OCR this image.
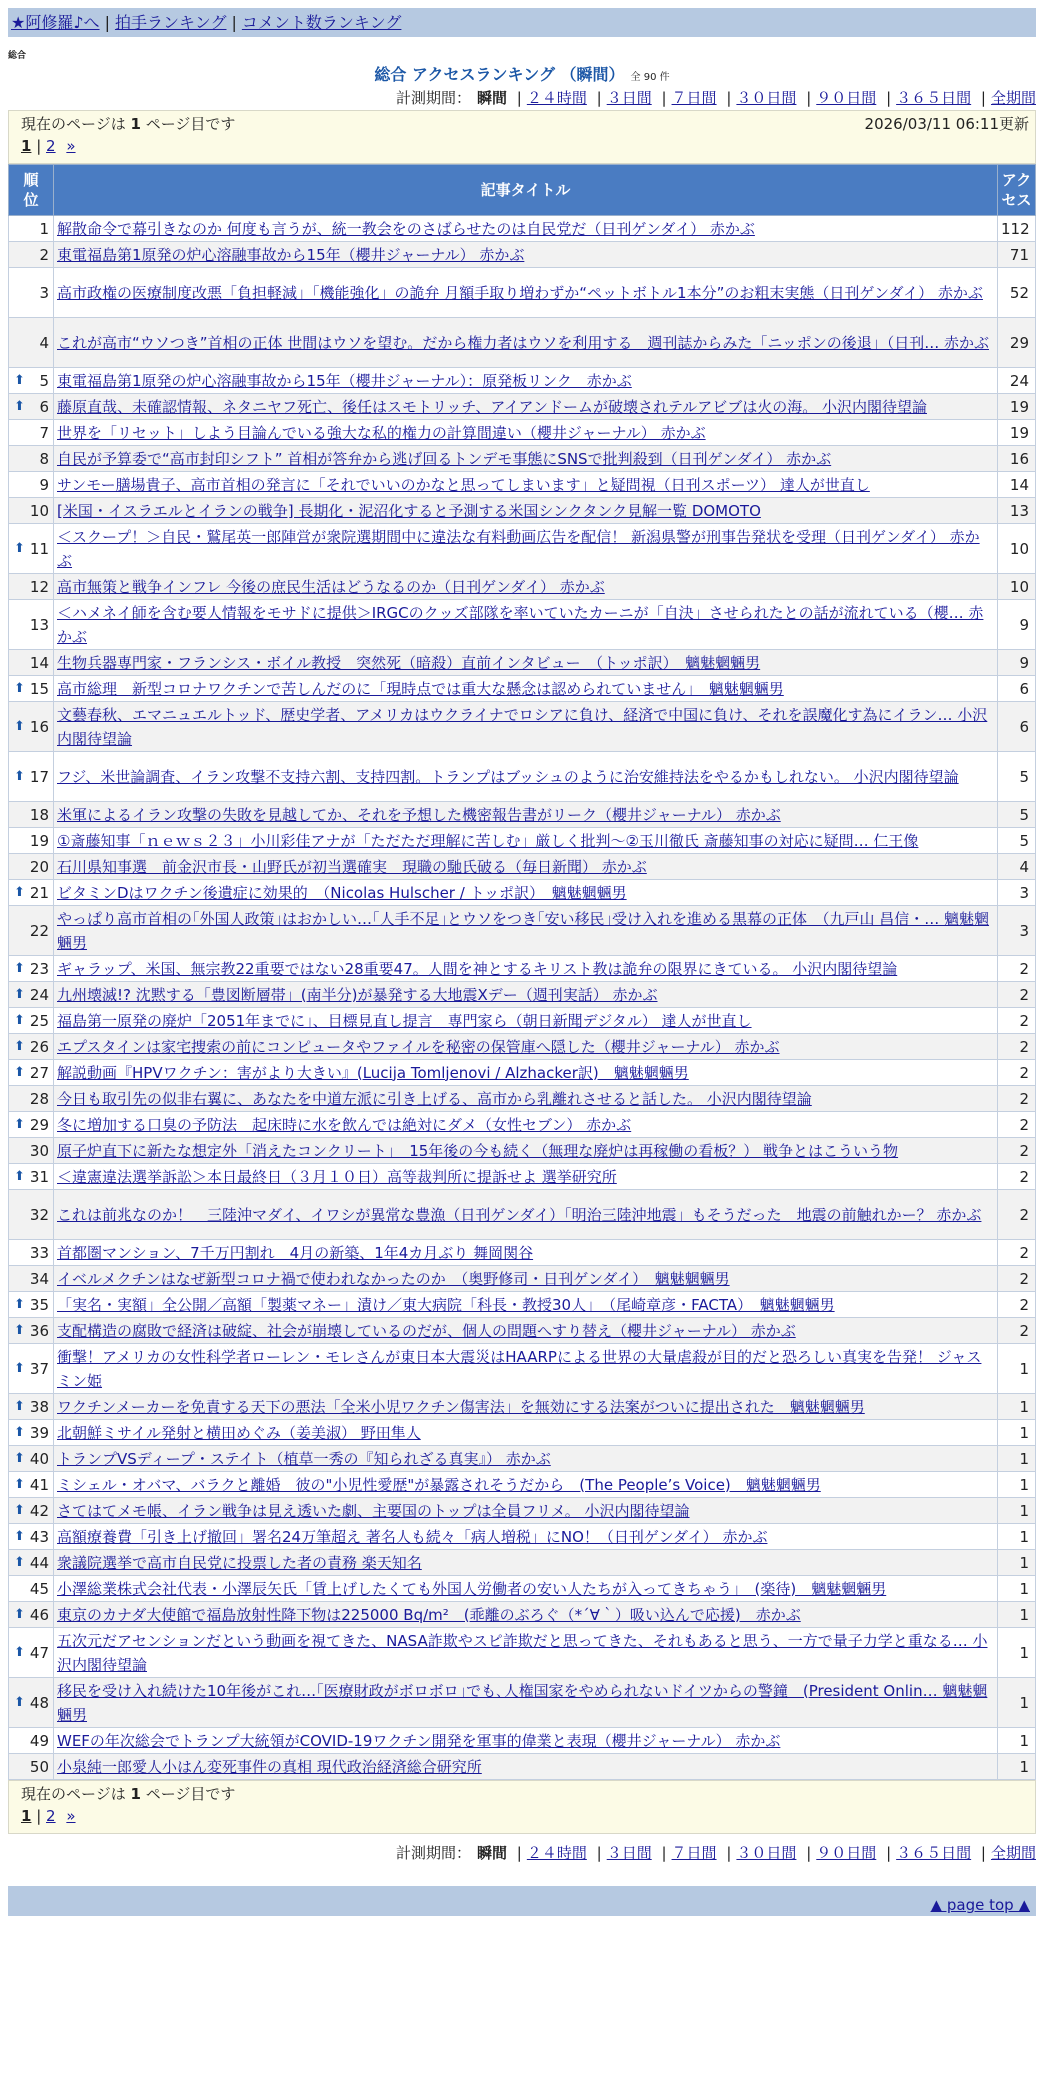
★阿修羅♪へ | 拍手ランキング | コメント数ランキング
総合
総合 アクセスランキング （瞬間） 全 90 件
計測期間： 瞬間 | ２４時間 | ３日間 | ７日間 | ３０日間 | ９０日間 | ３６５日間 | 全期間
現在のページは 1 ページ目です	2026/03/11 06:11更新
1 | 2 »
順
位	記事タイトル	アク
セス
1	解散命令で幕引きなのか 何度も言うが、統一教会をのさばらせたのは自民党だ（日刊ゲンダイ） 赤かぶ	112
2	東電福島第1原発の炉心溶融事故から15年（櫻井ジャーナル） 赤かぶ	71
3	高市政権の医療制度改悪「負担軽減」「機能強化」の詭弁 月額手取り増わずか“ペットボトル1本分”のお粗末実態（日刊ゲンダイ） 赤かぶ	52
4	これが高市“ウソつき”首相の正体 世間はウソを望む。だから権力者はウソを利用する　週刊誌からみた「ニッポンの後退」（日刊… 赤かぶ	29

⬆ 5	東電福島第1原発の炉心溶融事故から15年（櫻井ジャーナル）：原発板リンク　赤かぶ	24

⬆ 6	藤原直哉、未確認情報、ネタニヤフ死亡、後任はスモトリッチ、アイアンドームが破壊されテルアビブは火の海。 小沢内閣待望論	19
7	世界を「リセット」しよう目論んでいる強大な私的権力の計算間違い（櫻井ジャーナル） 赤かぶ	19
8	自民が予算委で“高市封印シフト” 首相が答弁から逃げ回るトンデモ事態にSNSで批判殺到（日刊ゲンダイ） 赤かぶ	16
9	サンモー膳場貴子、高市首相の発言に「それでいいのかなと思ってしまいます」と疑問視（日刊スポーツ） 達人が世直し	14
10	[米国・イスラエルとイランの戦争] 長期化・泥沼化すると予測する米国シンクタンク見解一覧 DOMOTO	13

⬆ 11	＜スクープ！＞自民・鷲尾英一郎陣営が衆院選期間中に違法な有料動画広告を配信！ 新潟県警が刑事告発状を受理（日刊ゲンダイ） 赤かぶ	10
12	高市無策と戦争インフレ 今後の庶民生活はどうなるのか（日刊ゲンダイ） 赤かぶ	10
13	＜ハメネイ師を含む要人情報をモサドに提供＞IRGCのクッズ部隊を率いていたカーニが「自決」させられたとの話が流れている（櫻… 赤かぶ	9
14	生物兵器専門家・フランシス・ボイル教授　突然死（暗殺）直前インタビュー　（トッポ訳）　魑魅魍魎男	9

⬆ 15	高市総理　新型コロナワクチンで苦しんだのに「現時点では重大な懸念は認められていません」　魑魅魍魎男	6

⬆ 16	文藝春秋、エマニュエルトッド、歴史学者、アメリカはウクライナでロシアに負け、経済で中国に負け、それを誤魔化す為にイラン… 小沢内閣待望論	6

⬆ 17	フジ、米世論調査、イラン攻撃不支持六割、支持四割。トランプはブッシュのように治安維持法をやるかもしれない。 小沢内閣待望論	5
18	米軍によるイラン攻撃の失敗を見越してか、それを予想した機密報告書がリーク（櫻井ジャーナル） 赤かぶ	5
19	①斎藤知事「ｎｅｗｓ２３」小川彩佳アナが「ただただ理解に苦しむ」厳しく批判～②玉川徹氏 斎藤知事の対応に疑問… 仁王像	5
20	石川県知事選　前金沢市長・山野氏が初当選確実　現職の馳氏破る（毎日新聞） 赤かぶ	4

⬆ 21	ビタミンDはワクチン後遺症に効果的　（Nicolas Hulscher / トッポ訳）　魑魅魍魎男	3
22	やっぱり高市首相の｢外国人政策｣はおかしい…｢人手不足｣とウソをつき｢安い移民｣受け入れを進める黒幕の正体　（九戸山 昌信・… 魑魅魍魎男	3

⬆ 23	ギャラップ、米国、無宗教22重要ではない28重要47。人間を神とするキリスト教は詭弁の限界にきている。 小沢内閣待望論	2

⬆ 24	九州壊滅!? 沈黙する「豊図断層帯」(南半分)が暴発する大地震Xデー（週刊実話） 赤かぶ	2

⬆ 25	福島第一原発の廃炉「2051年までに」、目標見直し提言　専門家ら（朝日新聞デジタル） 達人が世直し	2

⬆ 26	エプスタインは家宅捜索の前にコンピュータやファイルを秘密の保管庫へ隠した（櫻井ジャーナル） 赤かぶ	2

⬆ 27	解説動画『HPVワクチン：害がより大きい』(Lucija Tomljenovi / Alzhacker訳)　魑魅魍魎男	2
28	今日も取引先の似非右翼に、あなたを中道左派に引き上げる、高市から乳離れさせると話した。 小沢内閣待望論	2

⬆ 29	冬に増加する口臭の予防法　起床時に水を飲んでは絶対にダメ（女性セブン） 赤かぶ	2
30	原子炉直下に新たな想定外「消えたコンクリート」　15年後の今も続く（無理な廃炉は再稼働の看板？） 戦争とはこういう物	2

⬆ 31	＜違憲違法選挙訴訟＞本日最終日（３月１０日）高等裁判所に提訴せよ 選挙研究所	2
32	これは前兆なのか！　三陸沖マダイ、イワシが異常な豊漁（日刊ゲンダイ）「明治三陸沖地震」もそうだった　地震の前触れかー？ 赤かぶ	2
33	首都圏マンション、7千万円割れ　4月の新築、1年4カ月ぶり 舞岡関谷	2
34	イベルメクチンはなぜ新型コロナ禍で使われなかったのか　（奥野修司・日刊ゲンダイ）　魑魅魍魎男	2

⬆ 35	「実名・実額」全公開／高額「製薬マネー」漬け／東大病院「科長・教授30人」　（尾崎章彦・FACTA）　魑魅魍魎男	2

⬆ 36	支配構造の腐敗で経済は破綻、社会が崩壊しているのだが、個人の問題へすり替え（櫻井ジャーナル） 赤かぶ	2

⬆ 37	衝撃！アメリカの女性科学者ローレン・モレさんが東日本大震災はHAARPによる世界の大量虐殺が目的だと恐ろしい真実を告発！ ジャスミン姫	1

⬆ 38	ワクチンメーカーを免責する天下の悪法「全米小児ワクチン傷害法」を無効にする法案がついに提出された　魑魅魍魎男	1

⬆ 39	北朝鮮ミサイル発射と横田めぐみ（姜美淑） 野田隼人	1

⬆ 40	トランプVSディープ・ステイト（植草一秀の『知られざる真実』） 赤かぶ	1

⬆ 41	ミシェル・オバマ、バラクと離婚　彼の"小児性愛歴"が暴露されそうだから　(The People’s Voice)　魑魅魍魎男	1

⬆ 42	さてはてメモ帳、イラン戦争は見え透いた劇、主要国のトップは全員フリメ。 小沢内閣待望論	1

⬆ 43	高額療養費「引き上げ撤回」署名24万筆超え 著名人も続々「病人増税」にNO！（日刊ゲンダイ） 赤かぶ	1

⬆ 44	衆議院選挙で高市自民党に投票した者の責務 楽天知名	1
45	小澤総業株式会社代表・小澤辰矢氏「賃上げしたくても外国人労働者の安い人たちが入ってきちゃう」　(楽待)　魑魅魍魎男	1

⬆ 46	東京のカナダ大使館で福島放射性降下物は225000 Bq/m²　(乖離のぶろぐ（*´∀｀）吸い込んで応援)　赤かぶ	1

⬆ 47	五次元だアセンションだという動画を視てきた、NASA詐欺やスピ詐欺だと思ってきた、それもあると思う、一方で量子力学と重なる… 小沢内閣待望論	1

⬆ 48	移民を受け入れ続けた10年後がこれ…｢医療財政がボロボロ｣でも､人権国家をやめられないドイツからの警鐘　(President Onlin… 魑魅魍魎男	1
49	WEFの年次総会でトランプ大統領がCOVID-19ワクチン開発を軍事的偉業と表現（櫻井ジャーナル） 赤かぶ	1
50	小泉純一郎愛人小はん変死事件の真相 現代政治経済総合研究所	1
現在のページは 1 ページ目です
1 | 2 »
計測期間： 瞬間 | ２４時間 | ３日間 | ７日間 | ３０日間 | ９０日間 | ３６５日間 | 全期間
▲ page top ▲
